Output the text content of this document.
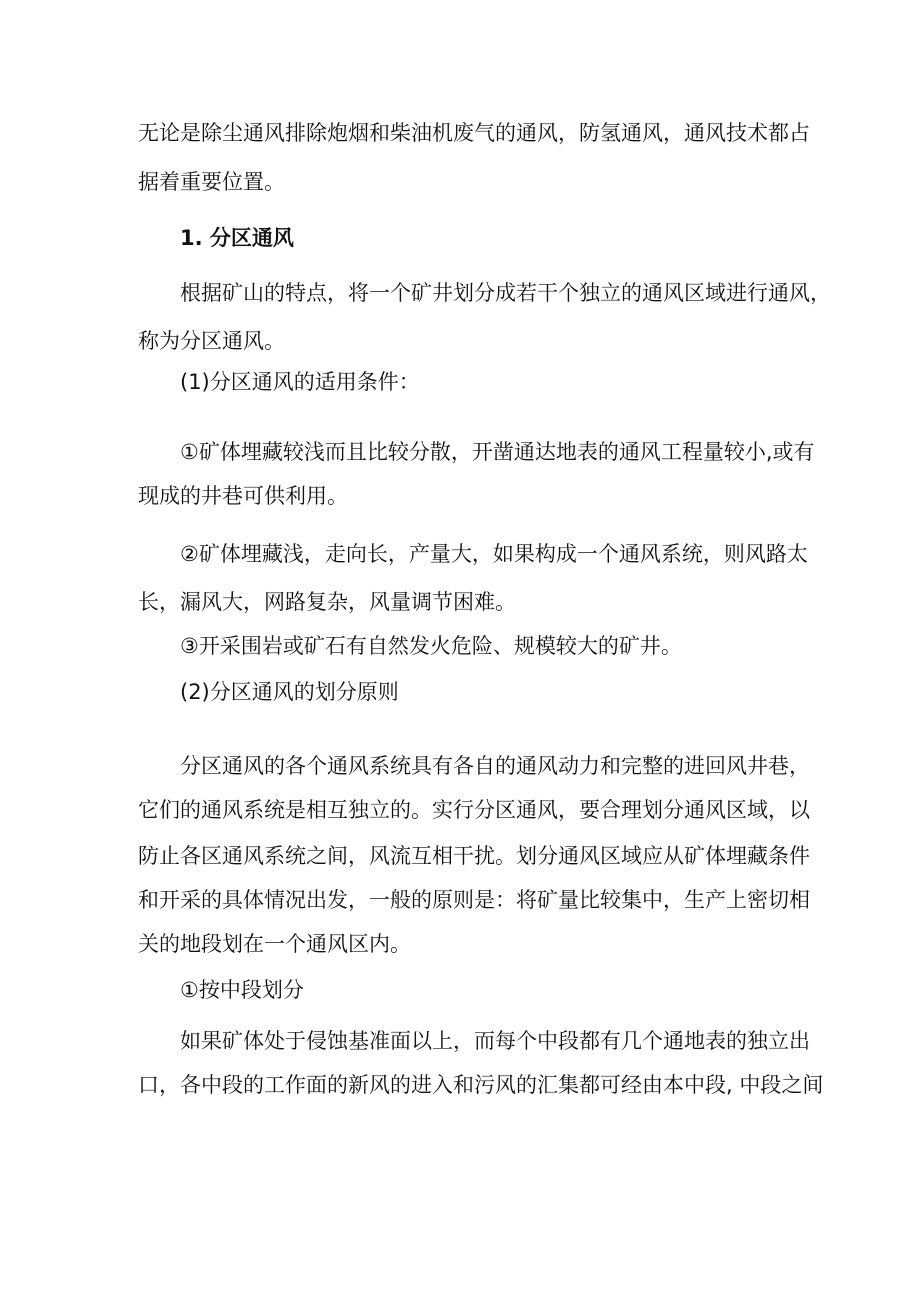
无论是除尘通风排除炮烟和柴油机废气的通风，防氢通风，通风技术都占
据着重要位置。
1. 分区通风
根据矿山的特点，将一个矿井划分成若干个独立的通风区域进行通风，
称为分区通风。
(1)分区通风的适用条件：
①矿体埋藏较浅而且比较分散，开凿通达地表的通风工程量较小,或有
现成的井巷可供利用。
②矿体埋藏浅，走向长，产量大，如果构成一个通风系统，则风路太
长，漏风大，网路复杂，风量调节困难。
③开采围岩或矿石有自然发火危险、规模较大的矿井。
(2)分区通风的划分原则
分区通风的各个通风系统具有各自的通风动力和完整的进回风井巷，
它们的通风系统是相互独立的。实行分区通风，要合理划分通风区域，以
防止各区通风系统之间，风流互相干扰。划分通风区域应从矿体埋藏条件
和开采的具体情况出发，一般的原则是：将矿量比较集中，生产上密切相
关的地段划在一个通风区内。
①按中段划分
如果矿体处于侵蚀基准面以上，而每个中段都有几个通地表的独立出
口，各中段的工作面的新风的进入和污风的汇集都可经由本中段, 中段之间
